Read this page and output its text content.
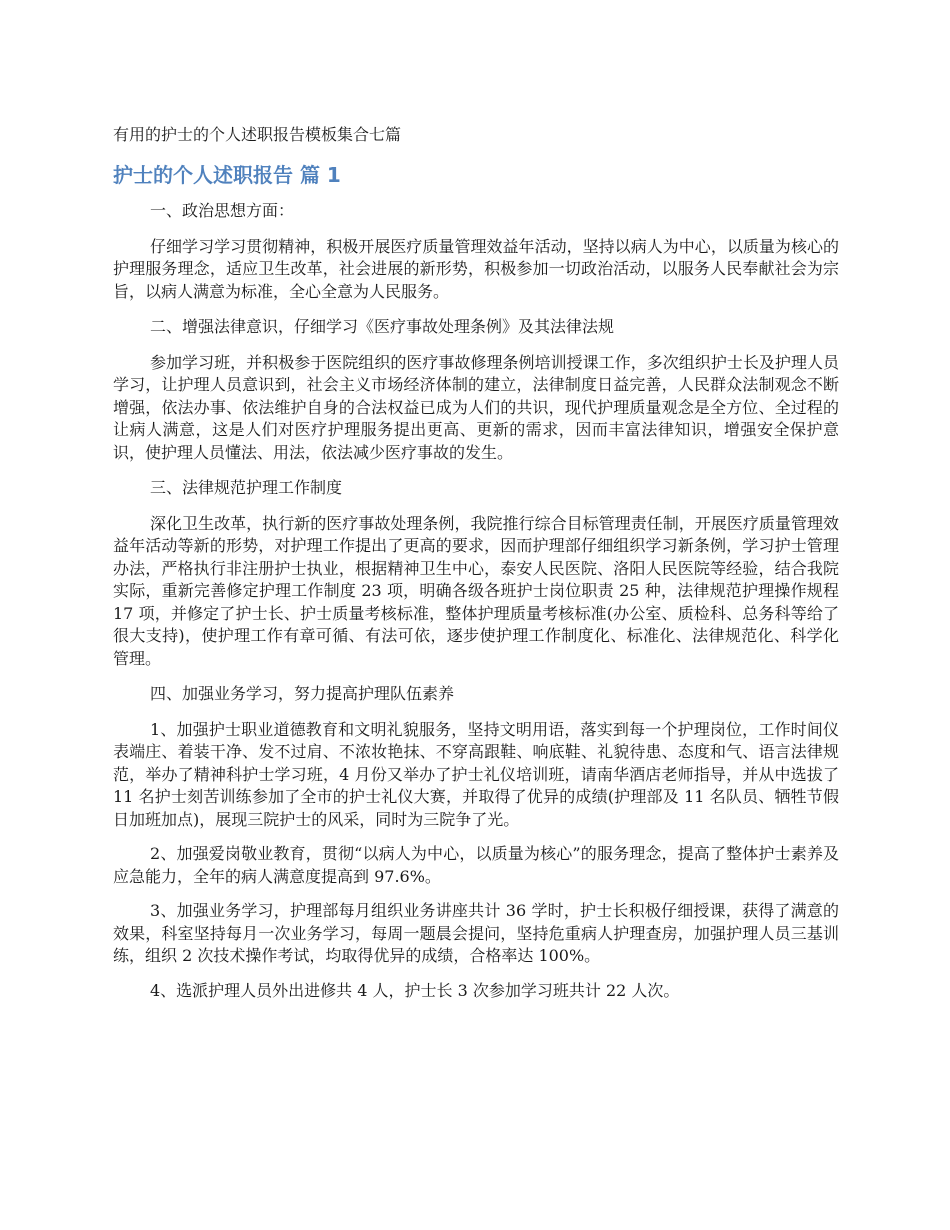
有用的护士的个人述职报告模板集合七篇
护士的个人述职报告 篇 1

一、政治思想方面：

仔细学习学习贯彻精神，积极开展医疗质量管理效益年活动，坚持以病人为中心，以质量为核心的护理服务理念，适应卫生改革，社会进展的新形势，积极参加一切政治活动，以服务人民奉献社会为宗旨，以病人满意为标准，全心全意为人民服务。

二、增强法律意识，仔细学习《医疗事故处理条例》及其法律法规

参加学习班，并积极参于医院组织的医疗事故修理条例培训授课工作，多次组织护士长及护理人员学习，让护理人员意识到，社会主义市场经济体制的建立，法律制度日益完善，人民群众法制观念不断增强，依法办事、依法维护自身的合法权益已成为人们的共识，现代护理质量观念是全方位、全过程的让病人满意，这是人们对医疗护理服务提出更高、更新的需求，因而丰富法律知识，增强安全保护意识，使护理人员懂法、用法，依法减少医疗事故的发生。

三、法律规范护理工作制度

深化卫生改革，执行新的医疗事故处理条例，我院推行综合目标管理责任制，开展医疗质量管理效益年活动等新的形势，对护理工作提出了更高的要求，因而护理部仔细组织学习新条例，学习护士管理办法，严格执行非注册护士执业，根据精神卫生中心，泰安人民医院、洛阳人民医院等经验，结合我院实际，重新完善修定护理工作制度 23 项，明确各级各班护士岗位职责 25 种，法律规范护理操作规程 17 项，并修定了护士长、护士质量考核标准，整体护理质量考核标准(办公室、质检科、总务科等给了很大支持)，使护理工作有章可循、有法可依，逐步使护理工作制度化、标准化、法律规范化、科学化管理。

四、加强业务学习，努力提高护理队伍素养

1、加强护士职业道德教育和文明礼貌服务，坚持文明用语，落实到每一个护理岗位，工作时间仪表端庄、着装干净、发不过肩、不浓妆艳抹、不穿高跟鞋、响底鞋、礼貌待患、态度和气、语言法律规范，举办了精神科护士学习班，4 月份又举办了护士礼仪培训班，请南华酒店老师指导，并从中选拔了 11 名护士刻苦训练参加了全市的护士礼仪大赛，并取得了优异的成绩(护理部及 11 名队员、牺牲节假日加班加点)，展现三院护士的风采，同时为三院争了光。

2、加强爱岗敬业教育，贯彻“以病人为中心，以质量为核心”的服务理念，提高了整体护士素养及应急能力，全年的病人满意度提高到 97.6%。

3、加强业务学习，护理部每月组织业务讲座共计 36 学时，护士长积极仔细授课，获得了满意的效果，科室坚持每月一次业务学习，每周一题晨会提问，坚持危重病人护理查房，加强护理人员三基训练，组织 2 次技术操作考试，均取得优异的成绩，合格率达 100%。

4、选派护理人员外出进修共 4 人，护士长 3 次参加学习班共计 22 人次。
